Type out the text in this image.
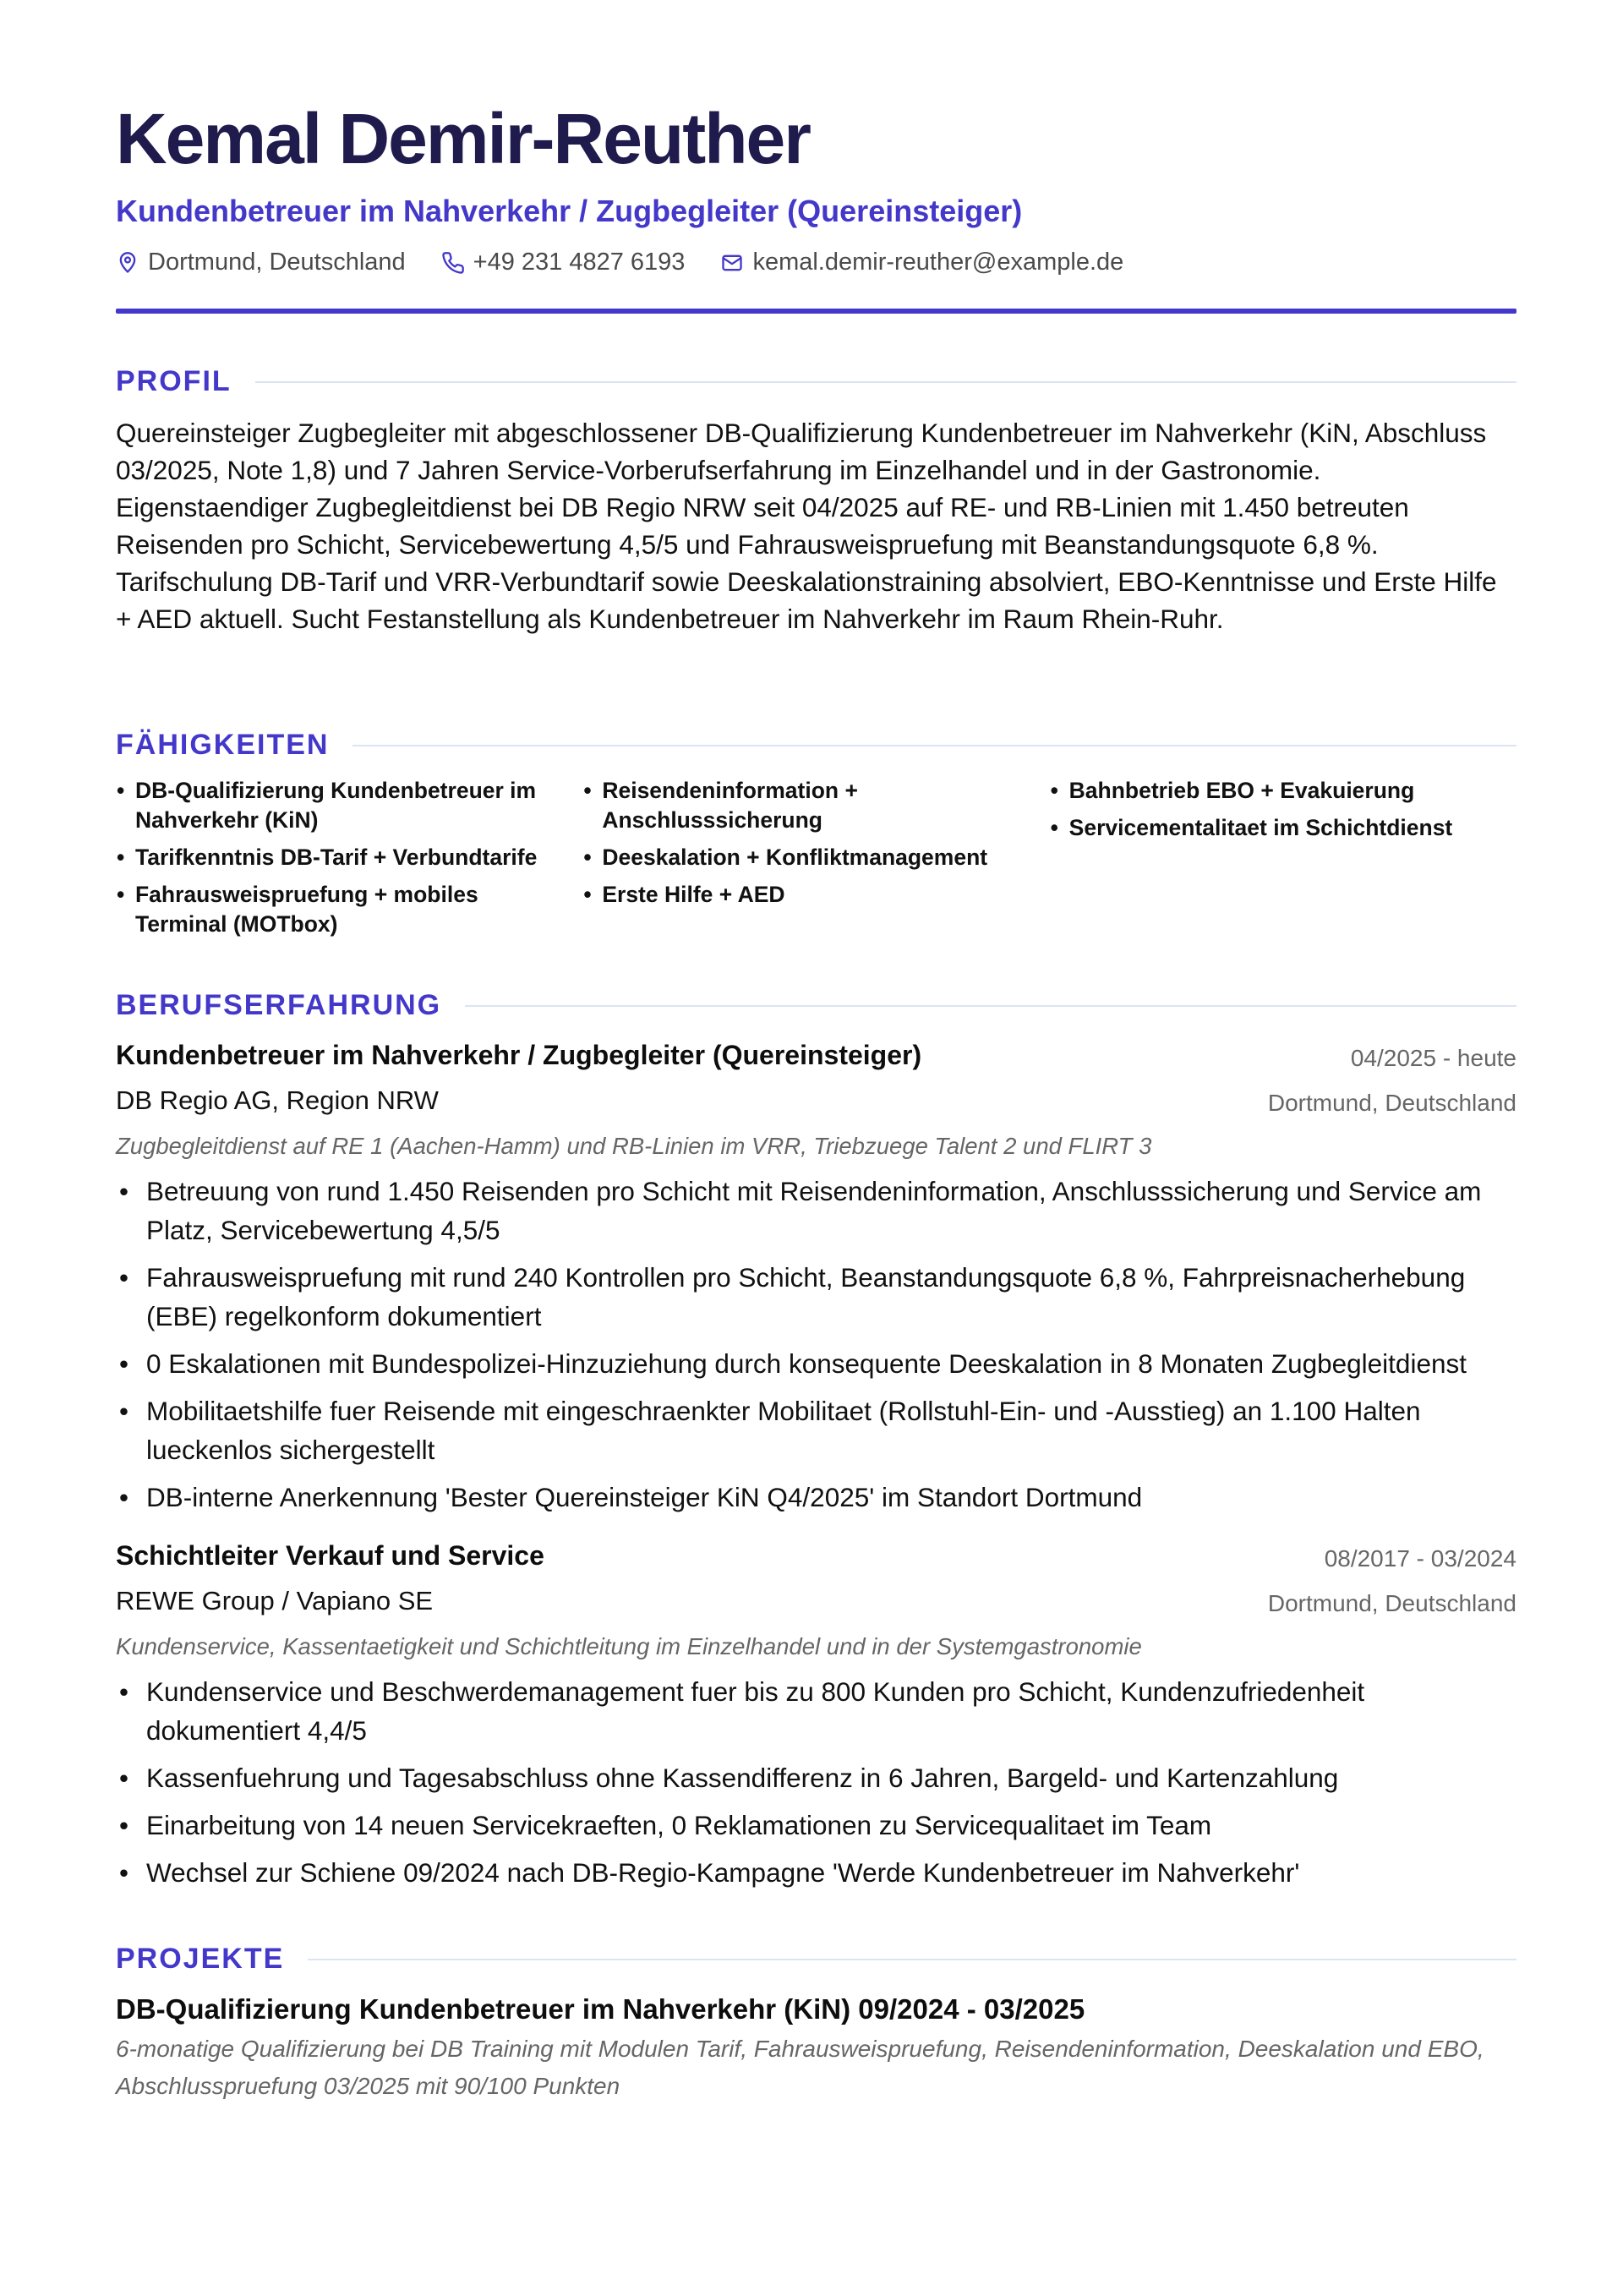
Kemal Demir-Reuther
Kundenbetreuer im Nahverkehr / Zugbegleiter (Quereinsteiger)
Dortmund, Deutschland	+49 231 4827 6193	kemal.demir-reuther@example.de
PROFIL

Quereinsteiger Zugbegleiter mit abgeschlossener DB-Qualifizierung Kundenbetreuer im Nahverkehr (KiN, Abschluss 03/2025, Note 1,8) und 7 Jahren Service-Vorberufserfahrung im Einzelhandel und in der Gastronomie. Eigenstaendiger Zugbegleitdienst bei DB Regio NRW seit 04/2025 auf RE- und RB-Linien mit 1.450 betreuten Reisenden pro Schicht, Servicebewertung 4,5/5 und Fahrausweispruefung mit Beanstandungsquote 6,8 %. Tarifschulung DB-Tarif und VRR-Verbundtarif sowie Deeskalationstraining absolviert, EBO-Kenntnisse und Erste Hilfe + AED aktuell. Sucht Festanstellung als Kundenbetreuer im Nahverkehr im Raum Rhein-Ruhr.

FÄHIGKEITEN
• DB-Qualifizierung Kundenbetreuer im Nahverkehr (KiN)
• Tarifkenntnis DB-Tarif + Verbundtarife
• Fahrausweispruefung + mobiles Terminal (MOTbox)
• Reisendeninformation + Anschlusssicherung
• Deeskalation + Konfliktmanagement
• Erste Hilfe + AED
• Bahnbetrieb EBO + Evakuierung
• Servicementalitaet im Schichtdienst
BERUFSERFAHRUNG
Kundenbetreuer im Nahverkehr / Zugbegleiter (Quereinsteiger)	04/2025 - heute
DB Regio AG, Region NRW	Dortmund, Deutschland
Zugbegleitdienst auf RE 1 (Aachen-Hamm) und RB-Linien im VRR, Triebzuege Talent 2 und FLIRT 3
• Betreuung von rund 1.450 Reisenden pro Schicht mit Reisendeninformation, Anschlusssicherung und Service am Platz, Servicebewertung 4,5/5
• Fahrausweispruefung mit rund 240 Kontrollen pro Schicht, Beanstandungsquote 6,8 %, Fahrpreisnacherhebung (EBE) regelkonform dokumentiert
• 0 Eskalationen mit Bundespolizei-Hinzuziehung durch konsequente Deeskalation in 8 Monaten Zugbegleitdienst
• Mobilitaetshilfe fuer Reisende mit eingeschraenkter Mobilitaet (Rollstuhl-Ein- und -Ausstieg) an 1.100 Halten lueckenlos sichergestellt
• DB-interne Anerkennung 'Bester Quereinsteiger KiN Q4/2025' im Standort Dortmund
Schichtleiter Verkauf und Service	08/2017 - 03/2024
REWE Group / Vapiano SE	Dortmund, Deutschland
Kundenservice, Kassentaetigkeit und Schichtleitung im Einzelhandel und in der Systemgastronomie
• Kundenservice und Beschwerdemanagement fuer bis zu 800 Kunden pro Schicht, Kundenzufriedenheit dokumentiert 4,4/5
• Kassenfuehrung und Tagesabschluss ohne Kassendifferenz in 6 Jahren, Bargeld- und Kartenzahlung
• Einarbeitung von 14 neuen Servicekraeften, 0 Reklamationen zu Servicequalitaet im Team
• Wechsel zur Schiene 09/2024 nach DB-Regio-Kampagne 'Werde Kundenbetreuer im Nahverkehr'
PROJEKTE
DB-Qualifizierung Kundenbetreuer im Nahverkehr (KiN) 09/2024 - 03/2025

6-monatige Qualifizierung bei DB Training mit Modulen Tarif, Fahrausweispruefung, Reisendeninformation, Deeskalation und EBO, Abschlusspruefung 03/2025 mit 90/100 Punkten
